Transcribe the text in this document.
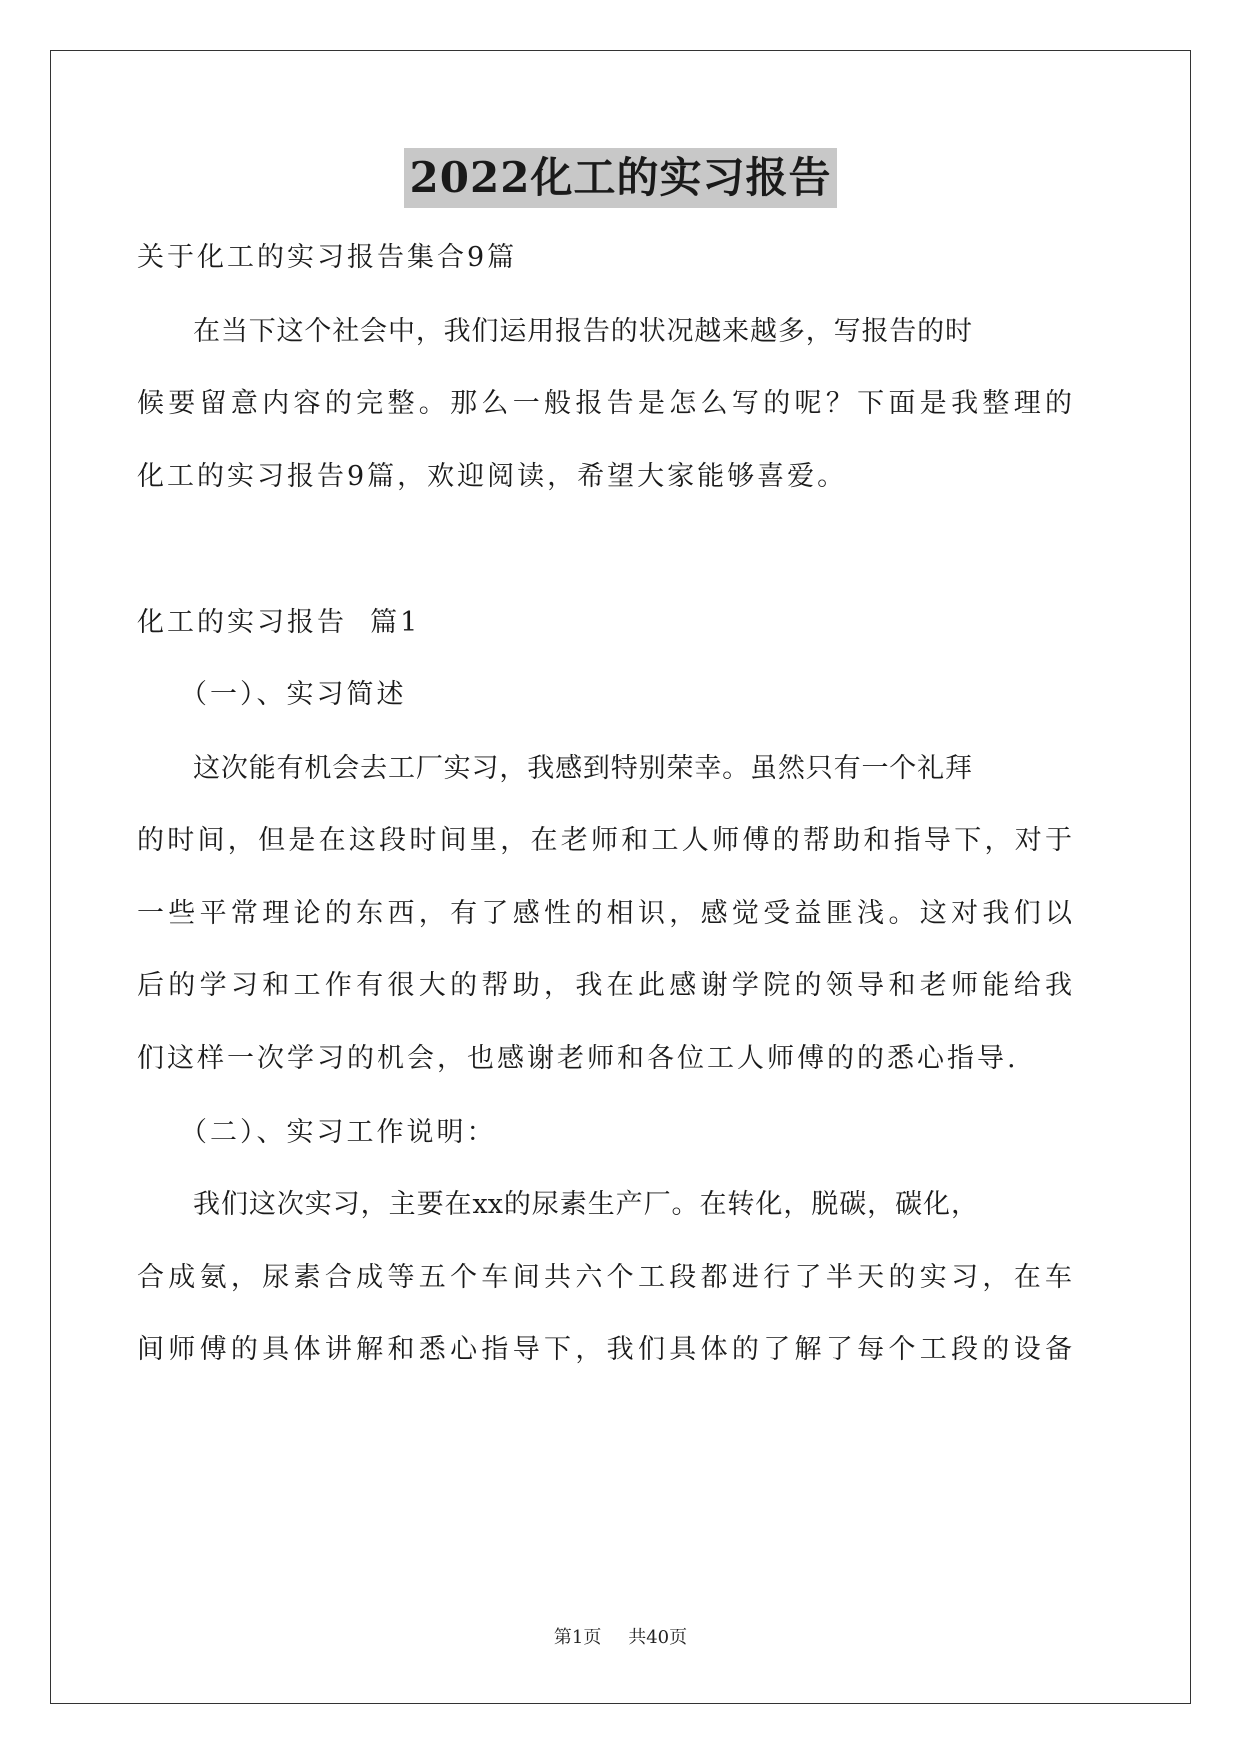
2022化工的实习报告
关于化工的实习报告集合9篇
在当下这个社会中，我们运用报告的状况越来越多，写报告的时
候要留意内容的完整。那么一般报告是怎么写的呢？下面是我整理的
化工的实习报告9篇，欢迎阅读，希望大家能够喜爱。
化工的实习报告  篇1
（一）、实习简述
这次能有机会去工厂实习，我感到特别荣幸。虽然只有一个礼拜
的时间，但是在这段时间里，在老师和工人师傅的帮助和指导下，对于
一些平常理论的东西，有了感性的相识，感觉受益匪浅。这对我们以
后的学习和工作有很大的帮助，我在此感谢学院的领导和老师能给我
们这样一次学习的机会，也感谢老师和各位工人师傅的的悉心指导.
（二）、实习工作说明：
我们这次实习，主要在xx的尿素生产厂。在转化，脱碳，碳化，
合成氨，尿素合成等五个车间共六个工段都进行了半天的实习，在车
间师傅的具体讲解和悉心指导下，我们具体的了解了每个工段的设备
第1页 共40页
